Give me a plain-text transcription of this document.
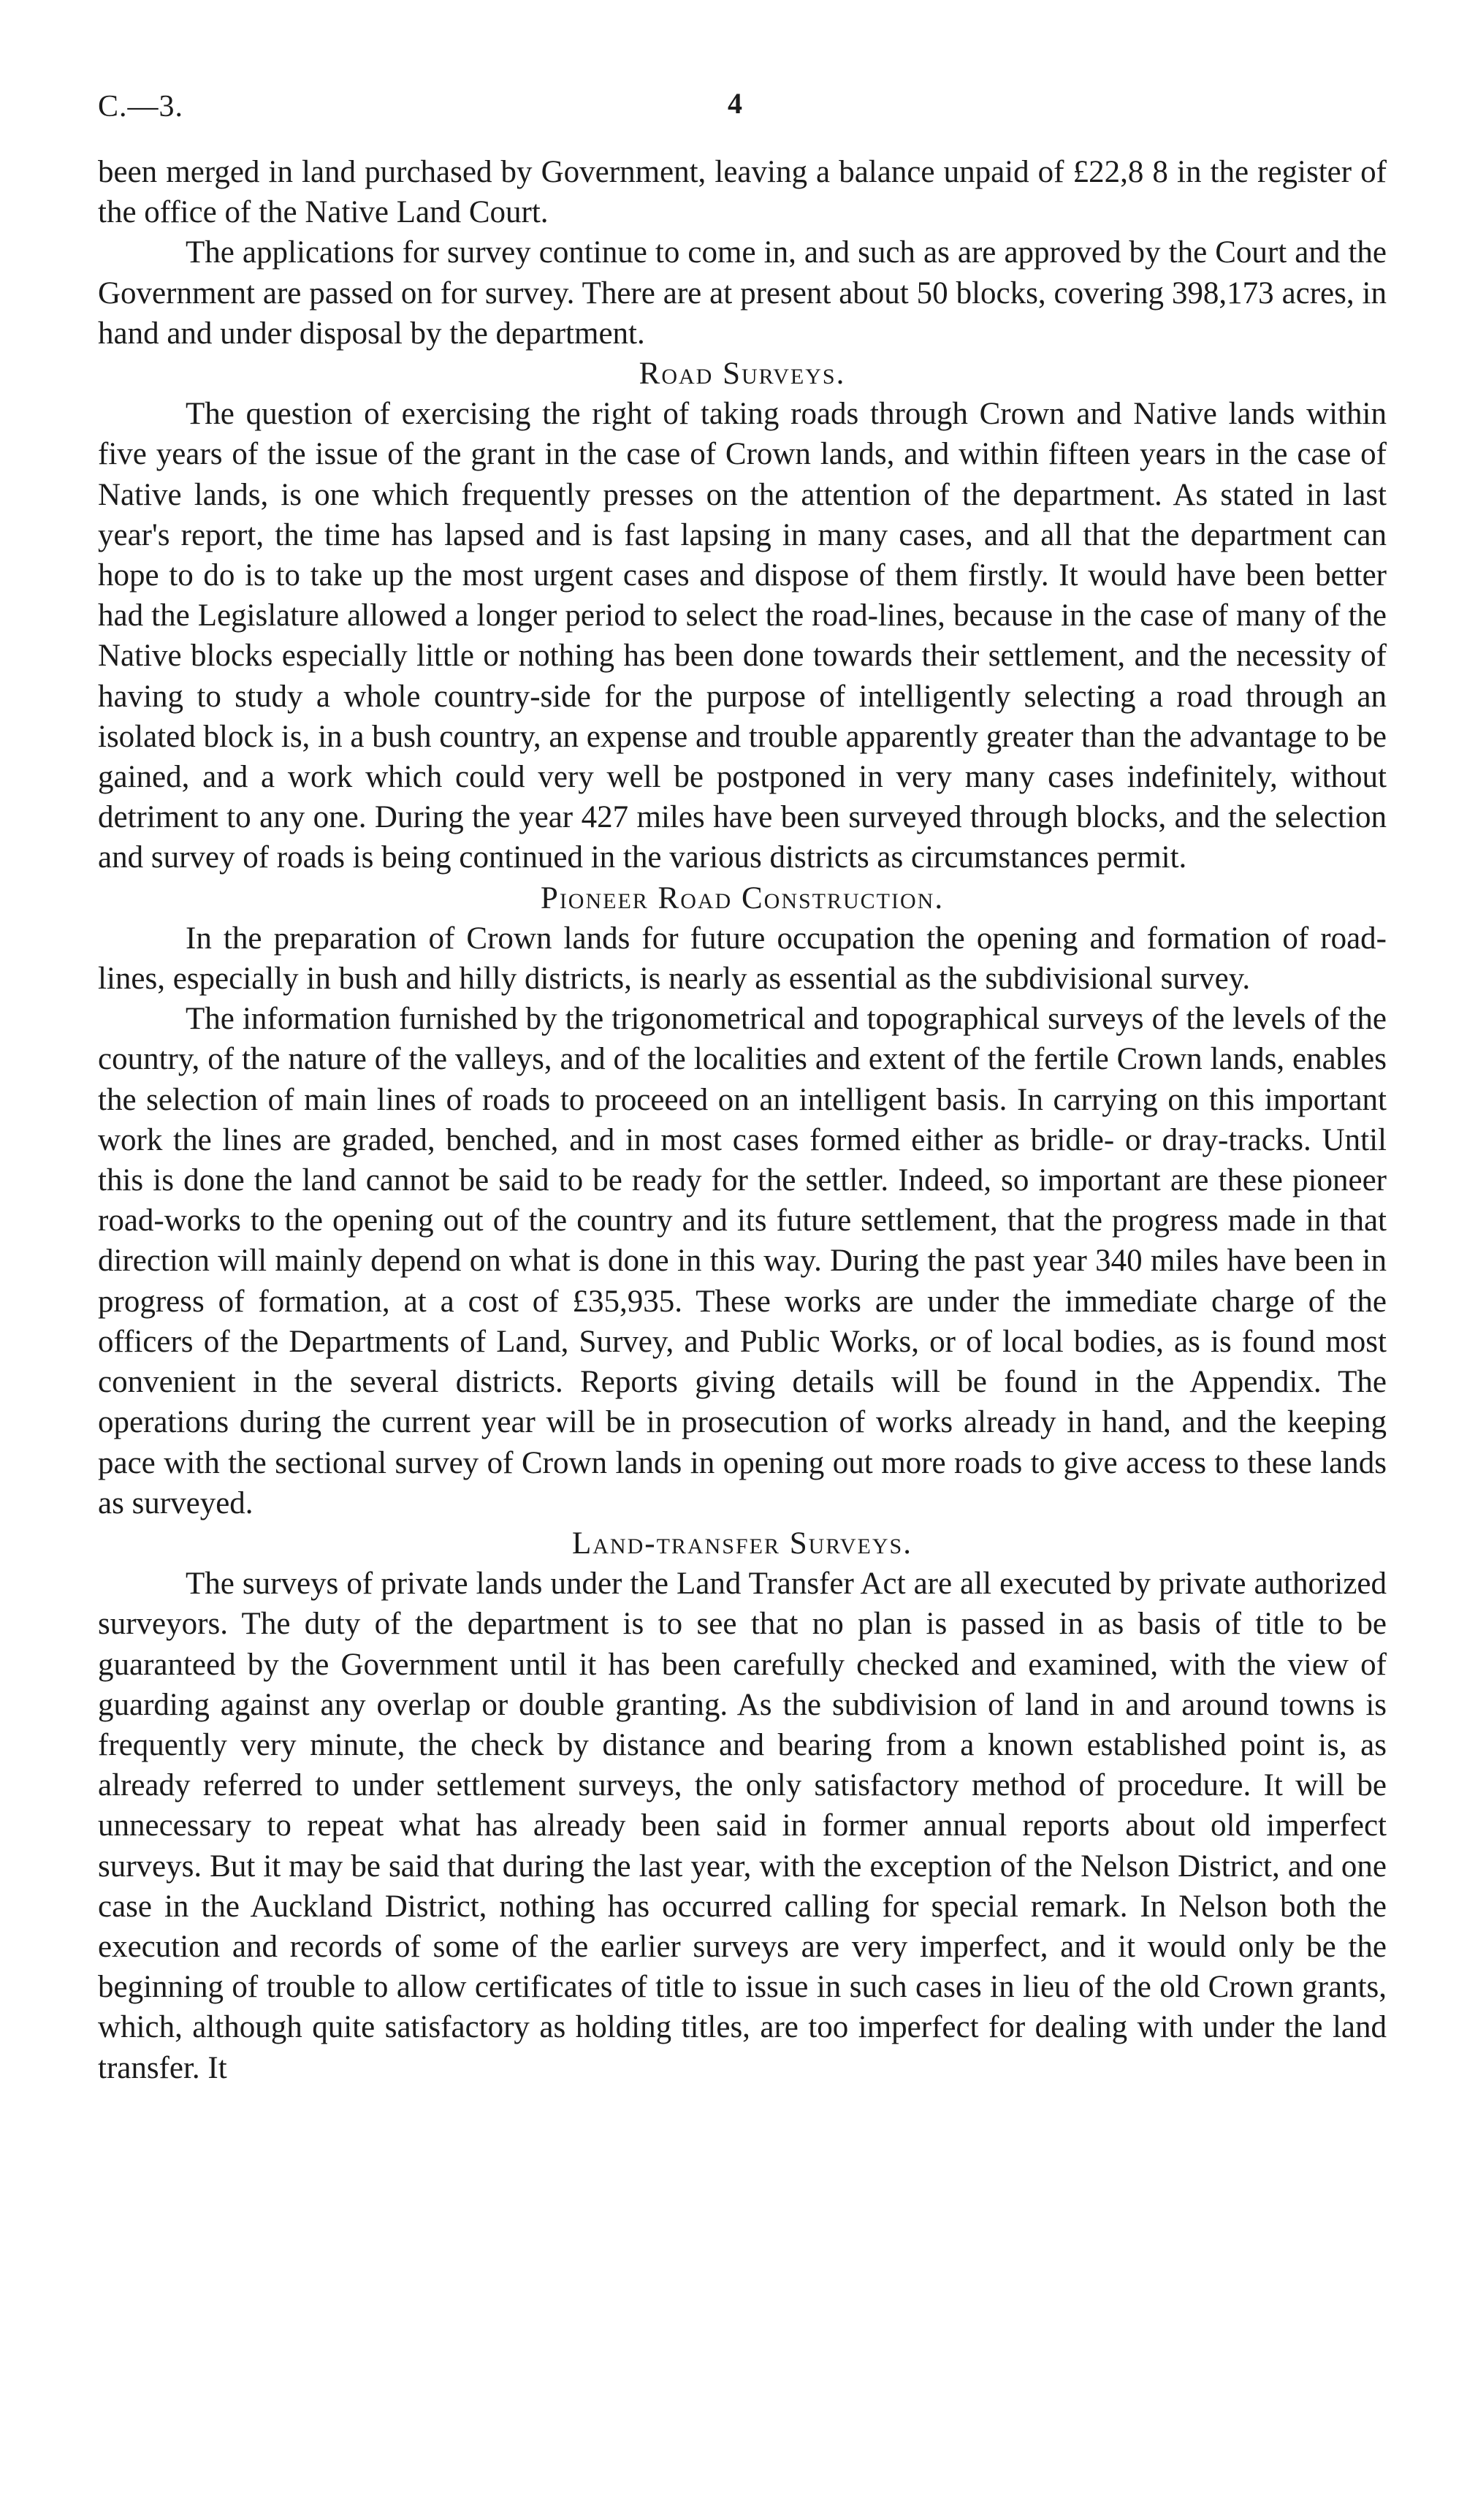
C.—3.	4

been merged in land purchased by Government, leaving a balance unpaid of £22,8 8 in the register of the office of the Native Land Court.

The applications for survey continue to come in, and such as are approved by the Court and the Government are passed on for survey. There are at present about 50 blocks, covering 398,173 acres, in hand and under disposal by the department.

Road Surveys.

The question of exercising the right of taking roads through Crown and Native lands within five years of the issue of the grant in the case of Crown lands, and within fifteen years in the case of Native lands, is one which frequently presses on the attention of the department. As stated in last year's report, the time has lapsed and is fast lapsing in many cases, and all that the department can hope to do is to take up the most urgent cases and dispose of them firstly. It would have been better had the Legislature allowed a longer period to select the road-lines, because in the case of many of the Native blocks especially little or nothing has been done towards their settlement, and the necessity of having to study a whole country-side for the purpose of intelligently selecting a road through an isolated block is, in a bush country, an expense and trouble apparently greater than the advantage to be gained, and a work which could very well be postponed in very many cases indefinitely, without detriment to any one. During the year 427 miles have been surveyed through blocks, and the selection and survey of roads is being continued in the various districts as circumstances permit.

Pioneer Road Construction.

In the preparation of Crown lands for future occupation the opening and formation of road-lines, especially in bush and hilly districts, is nearly as essential as the subdivisional survey.

The information furnished by the trigonometrical and topographical surveys of the levels of the country, of the nature of the valleys, and of the localities and extent of the fertile Crown lands, enables the selection of main lines of roads to proceeed on an intelligent basis. In carrying on this important work the lines are graded, benched, and in most cases formed either as bridle- or dray-tracks. Until this is done the land cannot be said to be ready for the settler. Indeed, so important are these pioneer road-works to the opening out of the country and its future settlement, that the progress made in that direction will mainly depend on what is done in this way. During the past year 340 miles have been in progress of formation, at a cost of £35,935. These works are under the immediate charge of the officers of the Departments of Land, Survey, and Public Works, or of local bodies, as is found most convenient in the several districts. Reports giving details will be found in the Appendix. The operations during the current year will be in prosecution of works already in hand, and the keeping pace with the sectional survey of Crown lands in opening out more roads to give access to these lands as surveyed.

Land-transfer Surveys.

The surveys of private lands under the Land Transfer Act are all executed by private authorized surveyors. The duty of the department is to see that no plan is passed in as basis of title to be guaranteed by the Government until it has been carefully checked and examined, with the view of guarding against any overlap or double granting. As the subdivision of land in and around towns is frequently very minute, the check by distance and bearing from a known established point is, as already referred to under settlement surveys, the only satisfactory method of procedure. It will be unnecessary to repeat what has already been said in former annual reports about old imperfect surveys. But it may be said that during the last year, with the exception of the Nelson District, and one case in the Auckland District, nothing has occurred calling for special remark. In Nelson both the execution and records of some of the earlier surveys are very imperfect, and it would only be the beginning of trouble to allow certificates of title to issue in such cases in lieu of the old Crown grants, which, although quite satisfactory as holding titles, are too imperfect for dealing with under the land transfer. It
